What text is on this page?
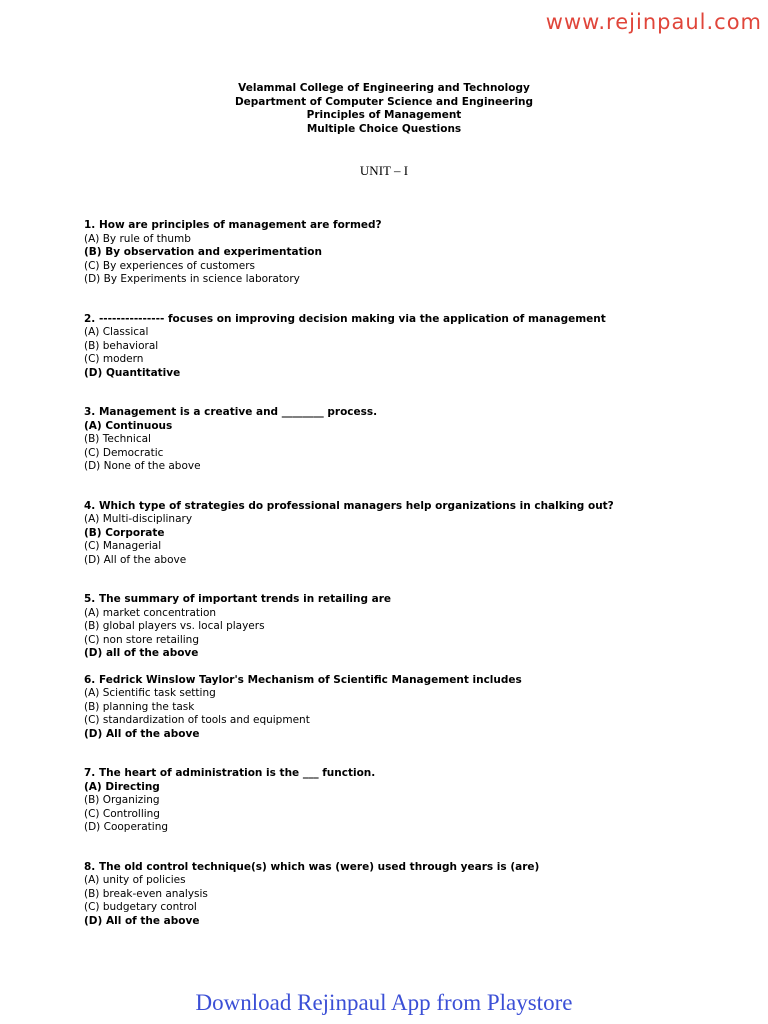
www.rejinpaul.com
Velammal College of Engineering and Technology
Department of Computer Science and Engineering
Principles of Management
Multiple Choice Questions
UNIT – I
1. How are principles of management are formed?
(A) By rule of thumb
(B) By observation and experimentation
(C) By experiences of customers
(D) By Experiments in science laboratory
2. --------------- focuses on improving decision making via the application of management
(A) Classical
(B) behavioral
(C) modern
(D) Quantitative
3. Management is a creative and ________ process.
(A) Continuous
(B) Technical
(C) Democratic
(D) None of the above
4. Which type of strategies do professional managers help organizations in chalking out?
(A) Multi-disciplinary
(B) Corporate
(C) Managerial
(D) All of the above
5. The summary of important trends in retailing are
(A) market concentration
(B) global players vs. local players
(C) non store retailing
(D) all of the above
6. Fedrick Winslow Taylor's Mechanism of Scientific Management includes
(A) Scientific task setting
(B) planning the task
(C) standardization of tools and equipment
(D) All of the above
7. The heart of administration is the ___ function.
(A) Directing
(B) Organizing
(C) Controlling
(D) Cooperating
8. The old control technique(s) which was (were) used through years is (are)
(A) unity of policies
(B) break-even analysis
(C) budgetary control
(D) All of the above
Download Rejinpaul App from Playstore
